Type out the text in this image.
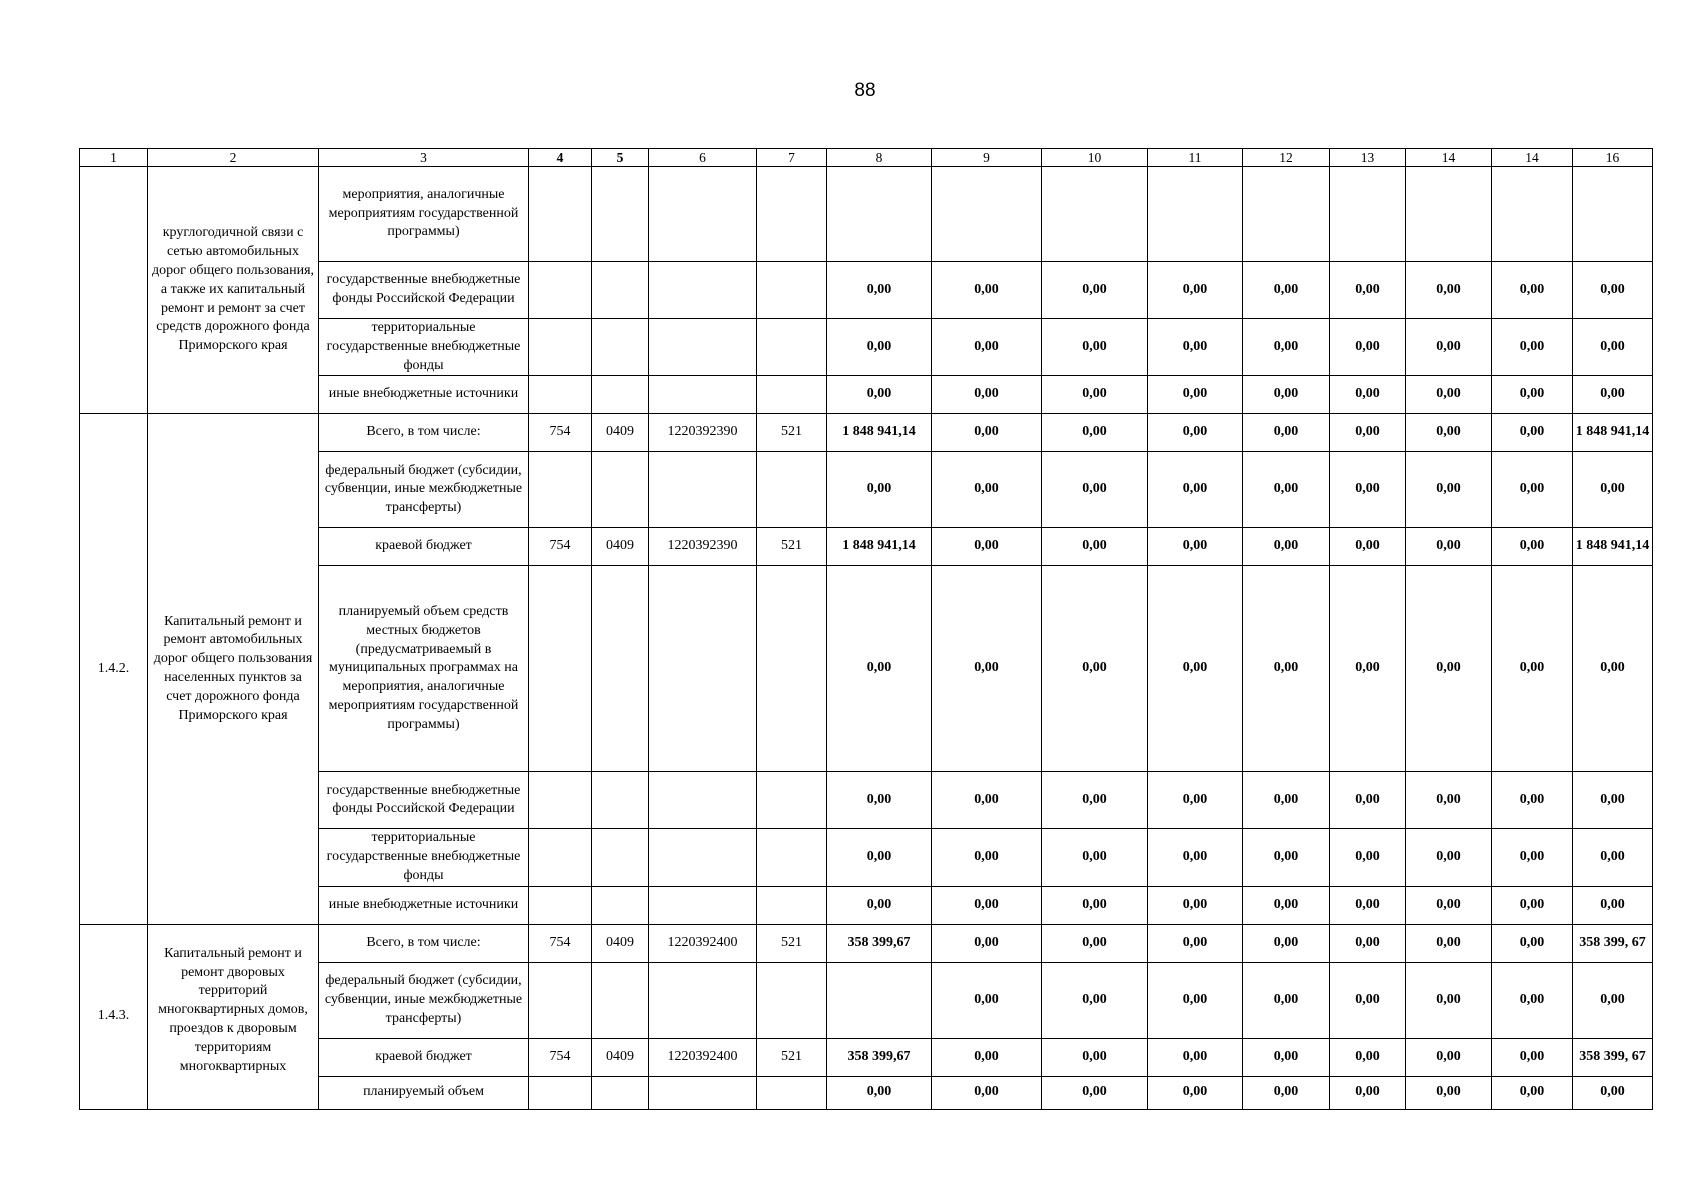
88
1	2	3	4	5	6	7	8	9	10	11	12	13	14	14	16
	круглогодичной связи с сетью автомобильных дорог общего пользования, а также их капитальный ремонт и ремонт за счет средств дорожного фонда Приморского края	мероприятия, аналогичные мероприятиям государственной программы)													
		государственные внебюджетные фонды Российской Федерации					0,00	0,00	0,00	0,00	0,00	0,00	0,00	0,00	0,00
		территориальные государственные внебюджетные фонды					0,00	0,00	0,00	0,00	0,00	0,00	0,00	0,00	0,00
		иные внебюджетные источники					0,00	0,00	0,00	0,00	0,00	0,00	0,00	0,00	0,00
1.4.2.	Капитальный ремонт и ремонт автомобильных дорог общего пользования населенных пунктов за счет дорожного фонда Приморского края	Всего, в том числе:	754	0409	1220392390	521	1 848 941,14	0,00	0,00	0,00	0,00	0,00	0,00	0,00	1 848 941,14
		федеральный бюджет (субсидии, субвенции, иные межбюджетные трансферты)					0,00	0,00	0,00	0,00	0,00	0,00	0,00	0,00	0,00
		краевой бюджет	754	0409	1220392390	521	1 848 941,14	0,00	0,00	0,00	0,00	0,00	0,00	0,00	1 848 941,14
		планируемый объем средств местных бюджетов (предусматриваемый в муниципальных программах на мероприятия, аналогичные мероприятиям государственной программы)					0,00	0,00	0,00	0,00	0,00	0,00	0,00	0,00	0,00
		государственные внебюджетные фонды Российской Федерации					0,00	0,00	0,00	0,00	0,00	0,00	0,00	0,00	0,00
		территориальные государственные внебюджетные фонды					0,00	0,00	0,00	0,00	0,00	0,00	0,00	0,00	0,00
		иные внебюджетные источники					0,00	0,00	0,00	0,00	0,00	0,00	0,00	0,00	0,00
1.4.3.	Капитальный ремонт и ремонт дворовых территорий многоквартирных домов, проездов к дворовым территориям многоквартирных	Всего, в том числе:	754	0409	1220392400	521	358 399,67	0,00	0,00	0,00	0,00	0,00	0,00	0,00	358 399, 67
		федеральный бюджет (субсидии, субвенции, иные межбюджетные трансферты)						0,00	0,00	0,00	0,00	0,00	0,00	0,00	0,00
		краевой бюджет	754	0409	1220392400	521	358 399,67	0,00	0,00	0,00	0,00	0,00	0,00	0,00	358 399, 67
		планируемый объем					0,00	0,00	0,00	0,00	0,00	0,00	0,00	0,00	0,00
